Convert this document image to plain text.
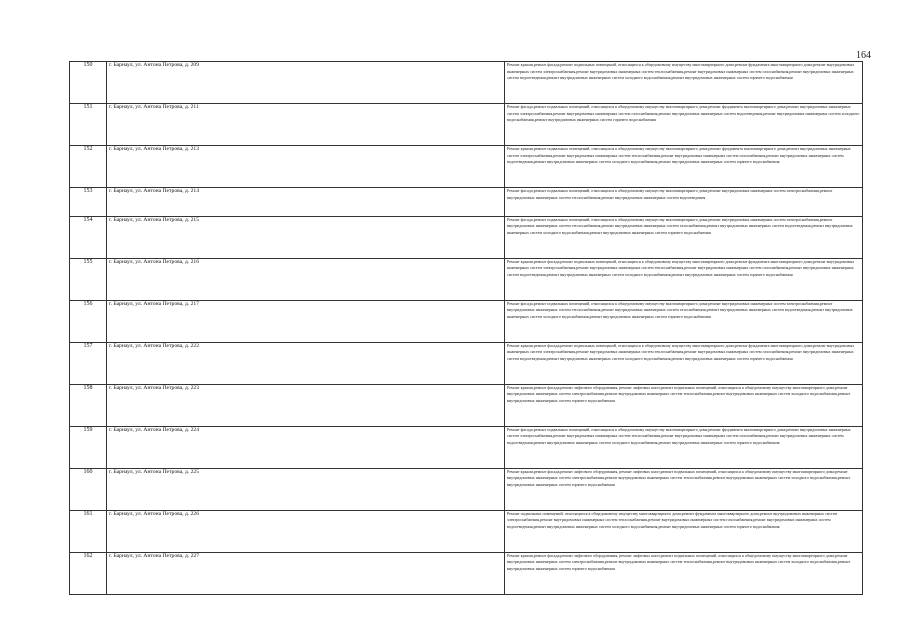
164
150	г. Барнаул, ул. Антона Петрова, д. 209	Ремонт крыши,ремонт фасада,ремонт подвальных помещений, относящихся к общедомовому имуществу многоквартирного дома;ремонт фундамента многоквартирного дома;ремонт внутридомовых инженерных систем электроснабжения,ремонт внутридомовых инженерных систем теплоснабжения,ремонт внутридомовых инженерных систем газоснабжения,ремонт внутридомовых инженерных систем водоотведения,ремонт внутридомовых инженерных систем холодного водоснабжения,ремонт внутридомовых инженерных систем горячего водоснабжения
151	г. Барнаул, ул. Антона Петрова, д. 211	Ремонт фасада,ремонт подвальных помещений, относящихся к общедомовому имуществу многоквартирного дома;ремонт фундамента многоквартирного дома;ремонт внутридомовых инженерных систем электроснабжения,ремонт внутридомовых инженерных систем газоснабжения,ремонт внутридомовых инженерных систем водоотведения,ремонт внутридомовых инженерных систем холодного водоснабжения,ремонт внутридомовых инженерных систем горячего водоснабжения
152	г. Барнаул, ул. Антона Петрова, д. 213	Ремонт крыши,ремонт подвальных помещений, относящихся к общедомовому имуществу многоквартирного дома;ремонт фундамента многоквартирного дома;ремонт внутридомовых инженерных систем электроснабжения,ремонт внутридомовых инженерных систем теплоснабжения,ремонт внутридомовых инженерных систем газоснабжения,ремонт внутридомовых инженерных систем водоотведения,ремонт внутридомовых инженерных систем холодного водоснабжения,ремонт внутридомовых инженерных систем горячего водоснабжения
153	г. Барнаул, ул. Антона Петрова, д. 214	Ремонт фасада,ремонт подвальных помещений, относящихся к общедомовому имуществу многоквартирного дома;ремонт внутридомовых инженерных систем электроснабжения,ремонт внутридомовых инженерных систем теплоснабжения,ремонт внутридомовых инженерных систем водоотведения
154	г. Барнаул, ул. Антона Петрова, д. 215	Ремонт фасада,ремонт подвальных помещений, относящихся к общедомовому имуществу многоквартирного дома;ремонт внутридомовых инженерных систем электроснабжения,ремонт внутридомовых инженерных систем теплоснабжения,ремонт внутридомовых инженерных систем газоснабжения,ремонт внутридомовых инженерных систем водоотведения,ремонт внутридомовых инженерных систем холодного водоснабжения,ремонт внутридомовых инженерных систем горячего водоснабжения
155	г. Барнаул, ул. Антона Петрова, д. 216	Ремонт крыши,ремонт фасада,ремонт подвальных помещений, относящихся к общедомовому имуществу многоквартирного дома;ремонт фундамента многоквартирного дома;ремонт внутридомовых инженерных систем электроснабжения,ремонт внутридомовых инженерных систем теплоснабжения,ремонт внутридомовых инженерных систем газоснабжения,ремонт внутридомовых инженерных систем водоотведения,ремонт внутридомовых инженерных систем холодного водоснабжения,ремонт внутридомовых инженерных систем горячего водоснабжения
156	г. Барнаул, ул. Антона Петрова, д. 217	Ремонт фасада,ремонт подвальных помещений, относящихся к общедомовому имуществу многоквартирного дома;ремонт внутридомовых инженерных систем электроснабжения,ремонт внутридомовых инженерных систем теплоснабжения,ремонт внутридомовых инженерных систем газоснабжения,ремонт внутридомовых инженерных систем водоотведения,ремонт внутридомовых инженерных систем холодного водоснабжения,ремонт внутридомовых инженерных систем горячего водоснабжения
157	г. Барнаул, ул. Антона Петрова, д. 222	Ремонт крыши,ремонт фасада,ремонт подвальных помещений, относящихся к общедомовому имуществу многоквартирного дома;ремонт фундамента многоквартирного дома;ремонт внутридомовых инженерных систем электроснабжения,ремонт внутридомовых инженерных систем теплоснабжения,ремонт внутридомовых инженерных систем газоснабжения,ремонт внутридомовых инженерных систем водоотведения,ремонт внутридомовых инженерных систем холодного водоснабжения,ремонт внутридомовых инженерных систем горячего водоснабжения
158	г. Барнаул, ул. Антона Петрова, д. 223	Ремонт крыши,ремонт фасада,ремонт лифтового оборудования, ремонт лифтовых шахт,ремонт подвальных помещений, относящихся к общедомовому имуществу многоквартирного дома;ремонт внутридомовых инженерных систем электроснабжения,ремонт внутридомовых инженерных систем теплоснабжения,ремонт внутридомовых инженерных систем холодного водоснабжения,ремонт внутридомовых инженерных систем горячего водоснабжения
159	г. Барнаул, ул. Антона Петрова, д. 224	Ремонт фасада,ремонт подвальных помещений, относящихся к общедомовому имуществу многоквартирного дома;ремонт фундамента многоквартирного дома;ремонт внутридомовых инженерных систем электроснабжения,ремонт внутридомовых инженерных систем теплоснабжения,ремонт внутридомовых инженерных систем газоснабжения,ремонт внутридомовых инженерных систем водоотведения,ремонт внутридомовых инженерных систем холодного водоснабжения,ремонт внутридомовых инженерных систем горячего водоснабжения
160	г. Барнаул, ул. Антона Петрова, д. 225	Ремонт крыши,ремонт фасада,ремонт лифтового оборудования, ремонт лифтовых шахт,ремонт подвальных помещений, относящихся к общедомовому имуществу многоквартирного дома;ремонт внутридомовых инженерных систем электроснабжения,ремонт внутридомовых инженерных систем теплоснабжения,ремонт внутридомовых инженерных систем холодного водоснабжения,ремонт внутридомовых инженерных систем горячего водоснабжения
161	г. Барнаул, ул. Антона Петрова, д. 226	Ремонт подвальных помещений, относящихся к общедомовому имуществу многоквартирного дома;ремонт фундамента многоквартирного дома;ремонт внутридомовых инженерных систем электроснабжения,ремонт внутридомовых инженерных систем теплоснабжения,ремонт внутридомовых инженерных систем газоснабжения,ремонт внутридомовых инженерных систем водоотведения,ремонт внутридомовых инженерных систем холодного водоснабжения,ремонт внутридомовых инженерных систем горячего водоснабжения
162	г. Барнаул, ул. Антона Петрова, д. 227	Ремонт крыши,ремонт фасада,ремонт лифтового оборудования, ремонт лифтовых шахт,ремонт подвальных помещений, относящихся к общедомовому имуществу многоквартирного дома;ремонт внутридомовых инженерных систем электроснабжения,ремонт внутридомовых инженерных систем теплоснабжения,ремонт внутридомовых инженерных систем холодного водоснабжения,ремонт внутридомовых инженерных систем горячего водоснабжения
